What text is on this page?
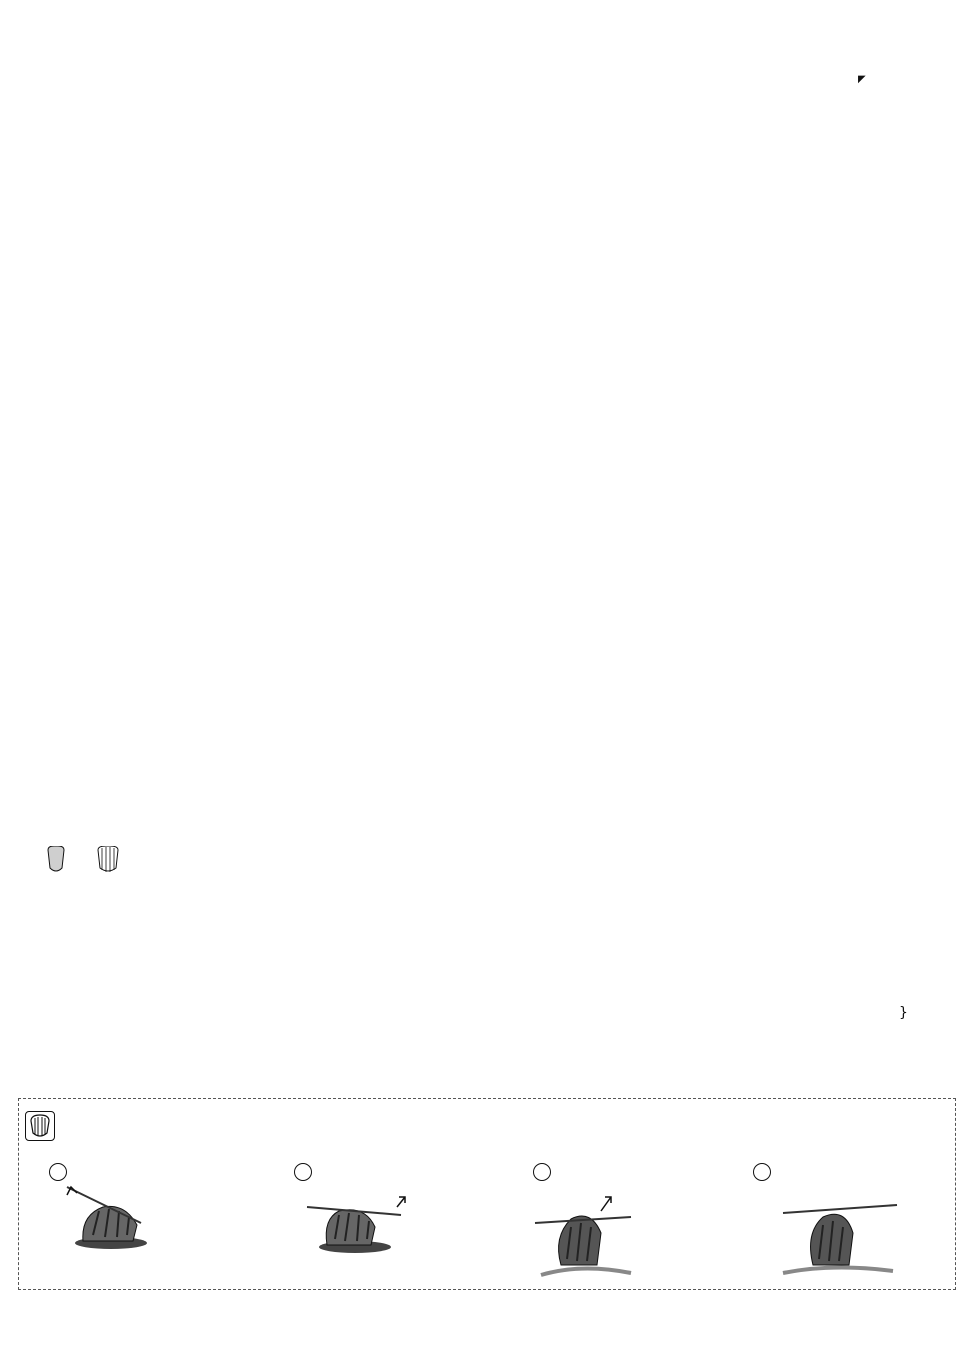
◤
}
